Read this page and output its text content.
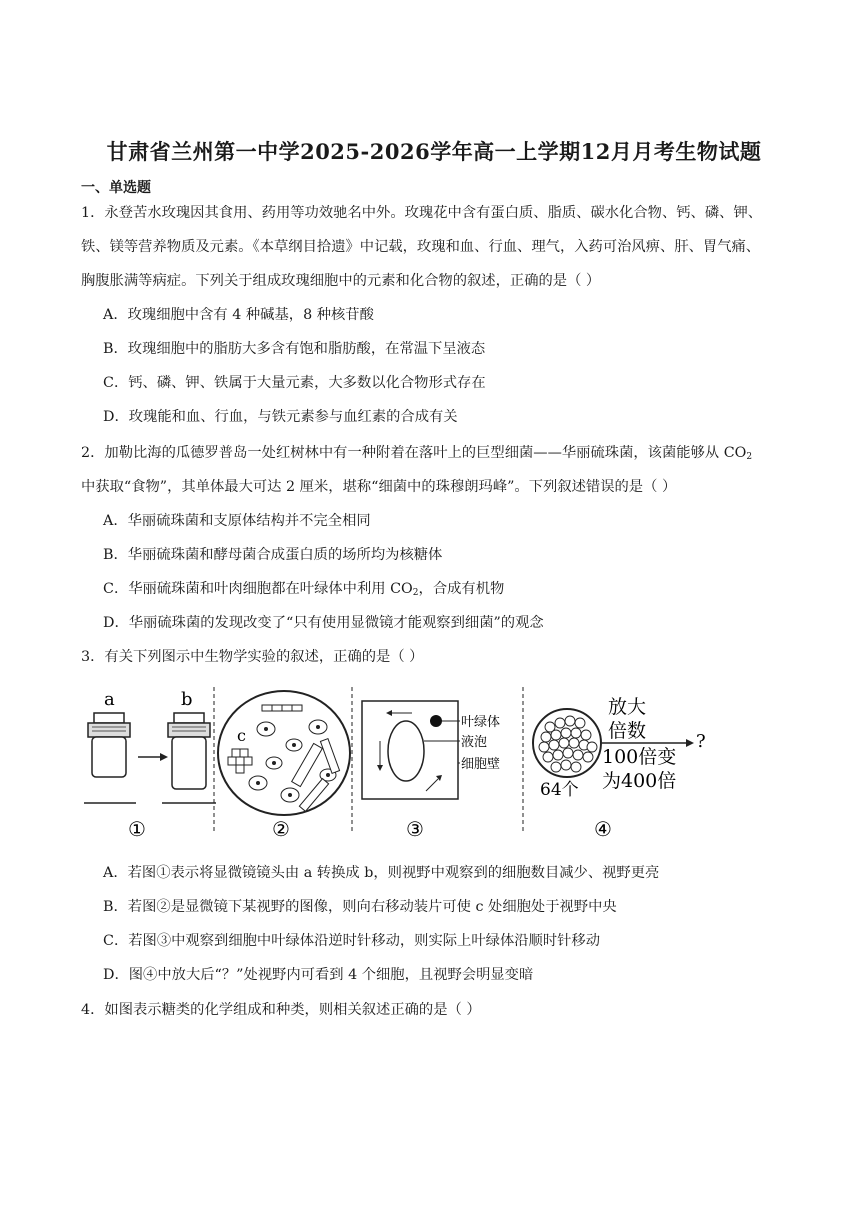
甘肃省兰州第一中学2025-2026学年高一上学期12月月考生物试题
一、单选题
1．永登苦水玫瑰因其食用、药用等功效驰名中外。玫瑰花中含有蛋白质、脂质、碳水化合物、钙、磷、钾、
铁、镁等营养物质及元素。《本草纲目拾遗》中记载，玫瑰和血、行血、理气，入药可治风痹、肝、胃气痛、
胸腹胀满等病症。下列关于组成玫瑰细胞中的元素和化合物的叙述，正确的是（ ）
A．玫瑰细胞中含有 4 种碱基，8 种核苷酸
B．玫瑰细胞中的脂肪大多含有饱和脂肪酸，在常温下呈液态
C．钙、磷、钾、铁属于大量元素，大多数以化合物形式存在
D．玫瑰能和血、行血，与铁元素参与血红素的合成有关
2．加勒比海的瓜德罗普岛一处红树林中有一种附着在落叶上的巨型细菌——华丽硫珠菌，该菌能够从 $CO_2$
中获取“食物”，其单体最大可达 2 厘米，堪称“细菌中的珠穆朗玛峰”。下列叙述错误的是（ ）
A．华丽硫珠菌和支原体结构并不完全相同
B．华丽硫珠菌和酵母菌合成蛋白质的场所均为核糖体
C．华丽硫珠菌和叶肉细胞都在叶绿体中利用 $CO_2$，合成有机物
D．华丽硫珠菌的发现改变了“只有使用显微镜才能观察到细菌”的观念
3．有关下列图示中生物学实验的叙述，正确的是（ ）
a	b
①
c
②
叶绿体
液泡
细胞壁
③
64个
放大
倍数	?
100倍变
为400倍
④
A．若图①表示将显微镜镜头由 a 转换成 b，则视野中观察到的细胞数目减少、视野更亮
B．若图②是显微镜下某视野的图像，则向右移动装片可使 c 处细胞处于视野中央
C．若图③中观察到细胞中叶绿体沿逆时针移动，则实际上叶绿体沿顺时针移动
D．图④中放大后“？”处视野内可看到 4 个细胞，且视野会明显变暗
4．如图表示糖类的化学组成和种类，则相关叙述正确的是（ ）
